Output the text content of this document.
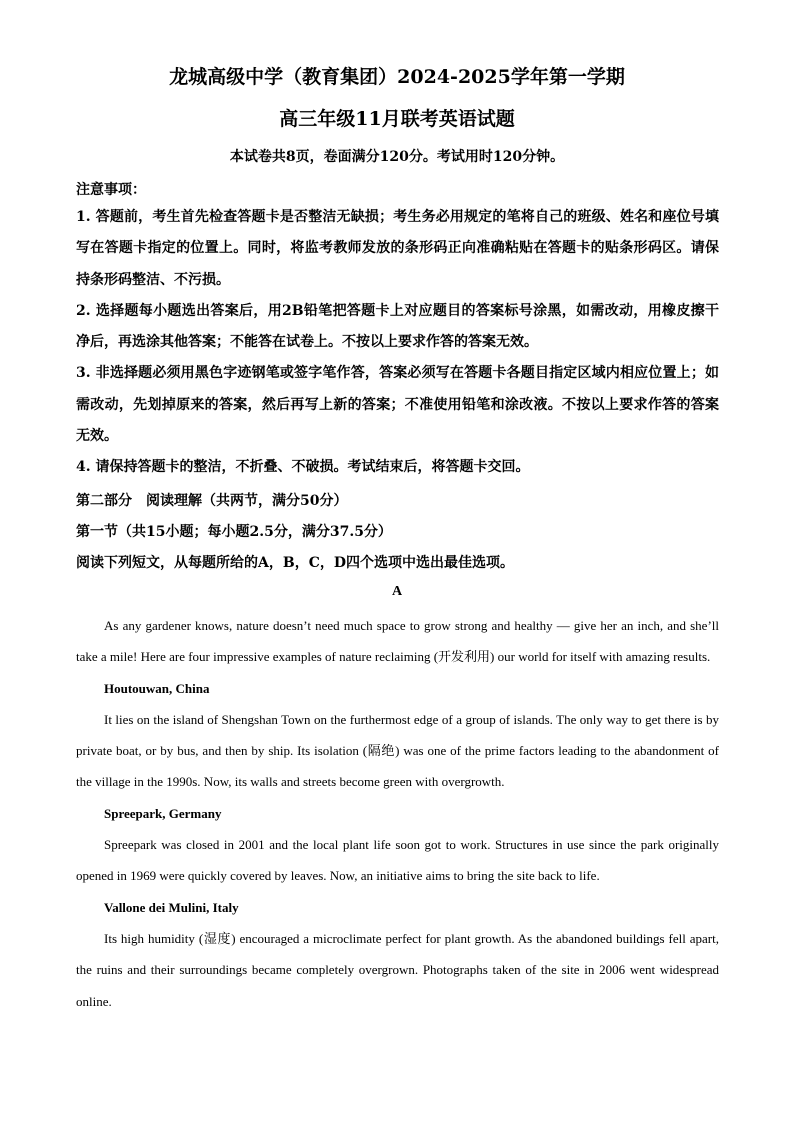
龙城高级中学（教育集团）2024-2025学年第一学期
高三年级11月联考英语试题
本试卷共8页，卷面满分120分。考试用时120分钟。
注意事项：

1. 答题前，考生首先检查答题卡是否整洁无缺损；考生务必用规定的笔将自己的班级、姓名和座位号填写在答题卡指定的位置上。同时，将监考教师发放的条形码正向准确粘贴在答题卡的贴条形码区。请保持条形码整洁、不污损。

2. 选择题每小题选出答案后，用2B铅笔把答题卡上对应题目的答案标号涂黑，如需改动，用橡皮擦干净后，再选涂其他答案；不能答在试卷上。不按以上要求作答的答案无效。

3. 非选择题必须用黑色字迹钢笔或签字笔作答，答案必须写在答题卡各题目指定区域内相应位置上；如需改动，先划掉原来的答案，然后再写上新的答案；不准使用铅笔和涂改液。不按以上要求作答的答案无效。

4. 请保持答题卡的整洁，不折叠、不破损。考试结束后，将答题卡交回。

第二部分　阅读理解（共两节，满分50分）
第一节（共15小题；每小题2.5分，满分37.5分）
阅读下列短文，从每题所给的A，B，C，D四个选项中选出最佳选项。
A

As any gardener knows, nature doesn’t need much space to grow strong and healthy — give her an inch, and she’ll take a mile! Here are four impressive examples of nature reclaiming (开发利用) our world for itself with amazing results.

Houtouwan, China

It lies on the island of Shengshan Town on the furthermost edge of a group of islands. The only way to get there is by private boat, or by bus, and then by ship. Its isolation (隔绝) was one of the prime factors leading to the abandonment of the village in the 1990s. Now, its walls and streets become green with overgrowth.

Spreepark, Germany

Spreepark was closed in 2001 and the local plant life soon got to work. Structures in use since the park originally opened in 1969 were quickly covered by leaves. Now, an initiative aims to bring the site back to life.

Vallone dei Mulini, Italy

Its high humidity (湿度) encouraged a microclimate perfect for plant growth. As the abandoned buildings fell apart, the ruins and their surroundings became completely overgrown. Photographs taken of the site in 2006 went widespread online.
